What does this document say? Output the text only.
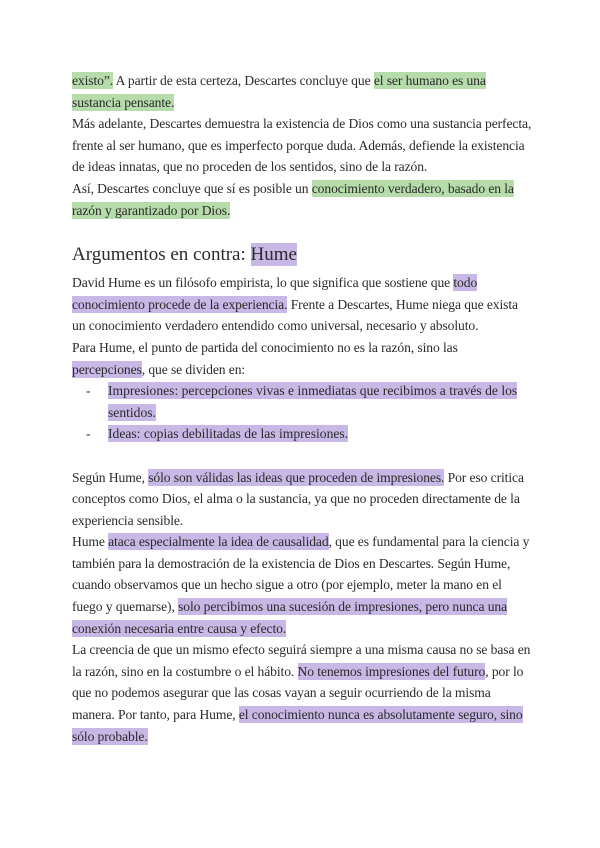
existo”. A partir de esta certeza, Descartes concluye que el ser humano es una sustancia pensante.

Más adelante, Descartes demuestra la existencia de Dios como una sustancia perfecta, frente al ser humano, que es imperfecto porque duda. Además, defiende la existencia de ideas innatas, que no proceden de los sentidos, sino de la razón.

Así, Descartes concluye que sí es posible un conocimiento verdadero, basado en la razón y garantizado por Dios.

Argumentos en contra: Hume

David Hume es un filósofo empirista, lo que significa que sostiene que todo conocimiento procede de la experiencia. Frente a Descartes, Hume niega que exista un conocimiento verdadero entendido como universal, necesario y absoluto.

Para Hume, el punto de partida del conocimiento no es la razón, sino las percepciones, que se dividen en:

- Impresiones: percepciones vivas e inmediatas que recibimos a través de los sentidos.
- Ideas: copias debilitadas de las impresiones.

Según Hume, sólo son válidas las ideas que proceden de impresiones. Por eso critica conceptos como Dios, el alma o la sustancia, ya que no proceden directamente de la experiencia sensible.

Hume ataca especialmente la idea de causalidad, que es fundamental para la ciencia y también para la demostración de la existencia de Dios en Descartes. Según Hume, cuando observamos que un hecho sigue a otro (por ejemplo, meter la mano en el fuego y quemarse), solo percibimos una sucesión de impresiones, pero nunca una conexión necesaria entre causa y efecto.

La creencia de que un mismo efecto seguirá siempre a una misma causa no se basa en la razón, sino en la costumbre o el hábito. No tenemos impresiones del futuro, por lo que no podemos asegurar que las cosas vayan a seguir ocurriendo de la misma manera. Por tanto, para Hume, el conocimiento nunca es absolutamente seguro, sino sólo probable.
